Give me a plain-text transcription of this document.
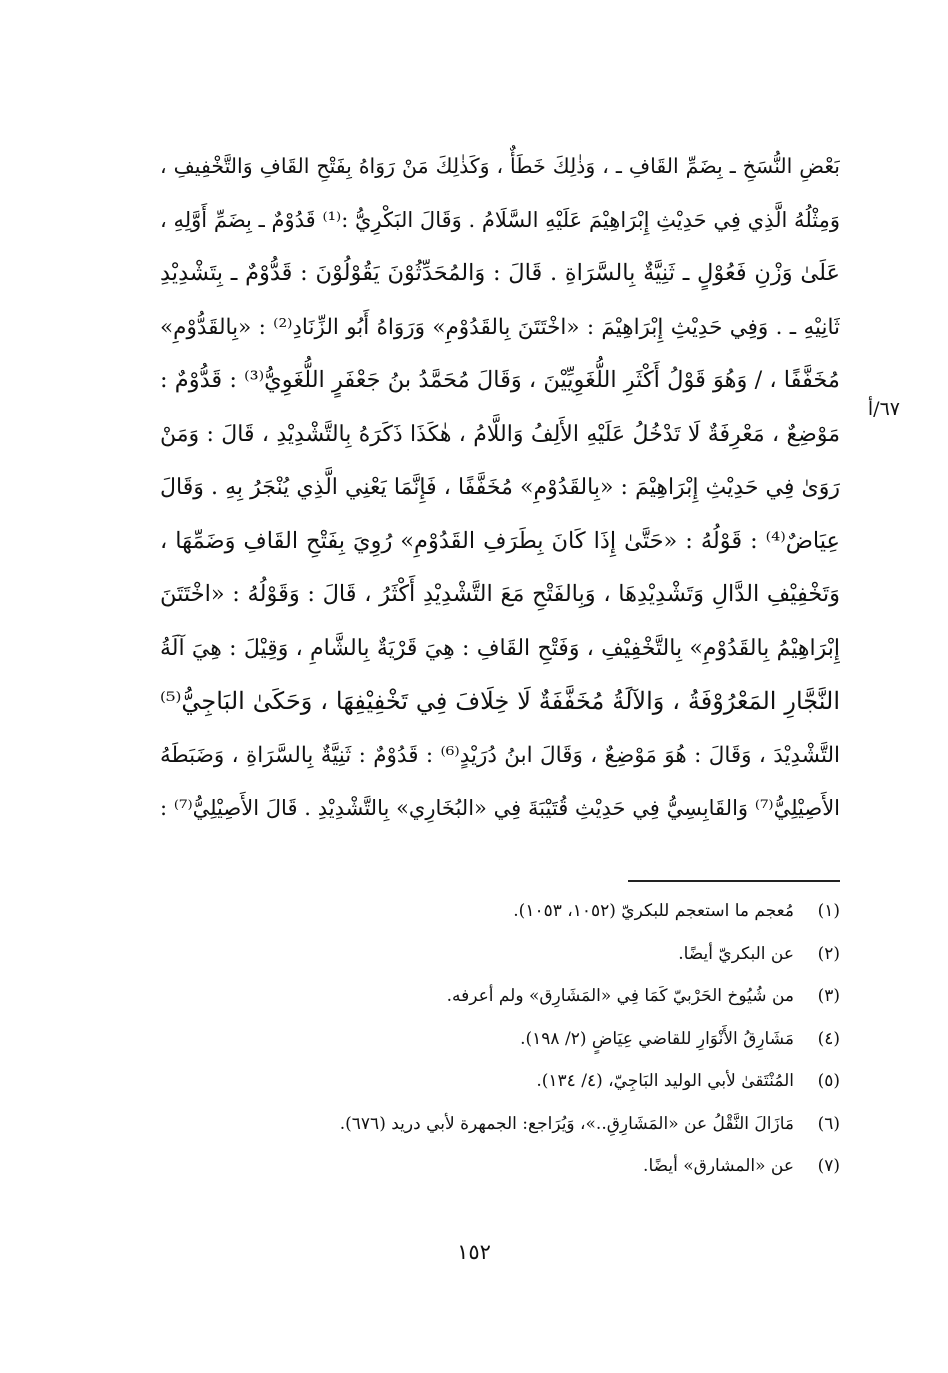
بَعْضِ النُّسَخِ ـ بِضَمِّ القَافِ ـ ، وَذٰلِكَ خَطَأٌ ، وَكَذٰلِكَ مَنْ رَوَاهُ بِفَتْحِ القَافِ وَالتَّخْفِيفِ ،
وَمِثْلُهُ الَّذِي فِي حَدِيْثِ إِبْرَاهِيْمَ عَلَيْهِ السَّلَامُ . وَقَالَ البَكْرِيُّ :⁽¹⁾ قَدُوْمٌ ـ بِضَمِّ أَوَّلِهِ ،
عَلَىٰ وَزْنِ فَعُوْلٍ ـ ثَنِيَّةٌ بِالسَّرَاةِ . قَالَ : وَالمُحَدِّثُوْنَ يَقُوْلُوْنَ : قَدُّوْمٌ ـ بِتَشْدِيْدِ
ثَانِيْهِ ـ . وَفِي حَدِيْثِ إِبْرَاهِيْمَ : «اخْتَتَنَ بِالقَدُوْمِ» وَرَوَاهُ أَبُو الزِّنَادِ⁽²⁾ : «بِالقَدُّوْمِ»
مُخَفَّفًا ، / وَهُوَ قَوْلُ أَكْثَرِ اللُّغَوِيِّيْنَ ، وَقَالَ مُحَمَّدُ بنُ جَعْفَرٍ اللُّغَوِيُّ⁽³⁾ : قَدُّوْمٌ :
مَوْضِعٌ ، مَعْرِفَةٌ لَا تَدْخُلُ عَلَيْهِ الأَلِفُ وَاللَّامُ ، هٰكَذَا ذَكَرَهُ بِالتَّشْدِيْدِ ، قَالَ : وَمَنْ
رَوَىٰ فِي حَدِيْثِ إِبْرَاهِيْمَ : «بِالقَدُوْمِ» مُخَفَّفًا ، فَإِنَّمَا يَعْنِي الَّذِي يُنْجَرُ بِهِ . وَقَالَ
عِيَاضٌ⁽⁴⁾ : قَوْلُهُ : «حَتَّىٰ إِذَا كَانَ بِطَرَفِ القَدُوْمِ» رُوِيَ بِفَتْحِ القَافِ وَضَمِّهَا ،
وَتَخْفِيْفِ الدَّالِ وَتَشْدِيْدِهَا ، وَبِالفَتْحِ مَعَ التَّشْدِيْدِ أَكْثَرُ ، قَالَ : وَقَوْلُهُ : «اخْتَتَنَ
إِبْرَاهِيْمُ بِالقَدُوْمِ» بِالتَّخْفِيْفِ ، وَفَتْحِ القَافِ : هِيَ قَرْيَةٌ بِالشَّامِ ، وَقِيْلَ : هِيَ آلَةُ
النَّجَّارِ المَعْرُوْفَةُ ، وَالآلَةُ مُخَفَّفَةٌ لَا خِلَافَ فِي تَخْفِيْفِهَا ، وَحَكَىٰ البَاجِيُّ⁽⁵⁾
التَّشْدِيْدَ ، وَقَالَ : هُوَ مَوْضِعٌ ، وَقَالَ ابنُ دُرَيْدٍ⁽⁶⁾ : قَدُوْمٌ : ثَنِيَّةٌ بِالسَّرَاةِ ، وَضَبَطَهُ
الأَصِيْلِيُّ⁽⁷⁾ وَالقَابِسِيُّ فِي حَدِيْثِ قُتَيْبَةَ فِي «البُخَارِي» بِالتَّشْدِيْدِ . قَالَ الأَصِيْلِيُّ⁽⁷⁾ :
٦٧/أ
(١)
مُعجم ما استعجم للبكريّ (١٠٥٢، ١٠٥٣).
(٢)
عن البكريّ أيضًا.
(٣)
من شُيُوخ الحَرْبيّ كَمَا فِي «المَشَارِق» ولم أعرفه.
(٤)
مَشَارِقُ الأَنْوَارِ للقاضي عِيَاضٍ (٢/ ١٩٨).
(٥)
المُنْتَقىٰ لأبي الوليد البَاجِيّ، (٤/ ١٣٤).
(٦)
مَازَالَ النَّقْلُ عن «المَشَارِقِ..»، وَيُرَاجع: الجمهرة لأبي دريد (٦٧٦).
(٧)
عن «المشارق» أيضًا.
١٥٢
